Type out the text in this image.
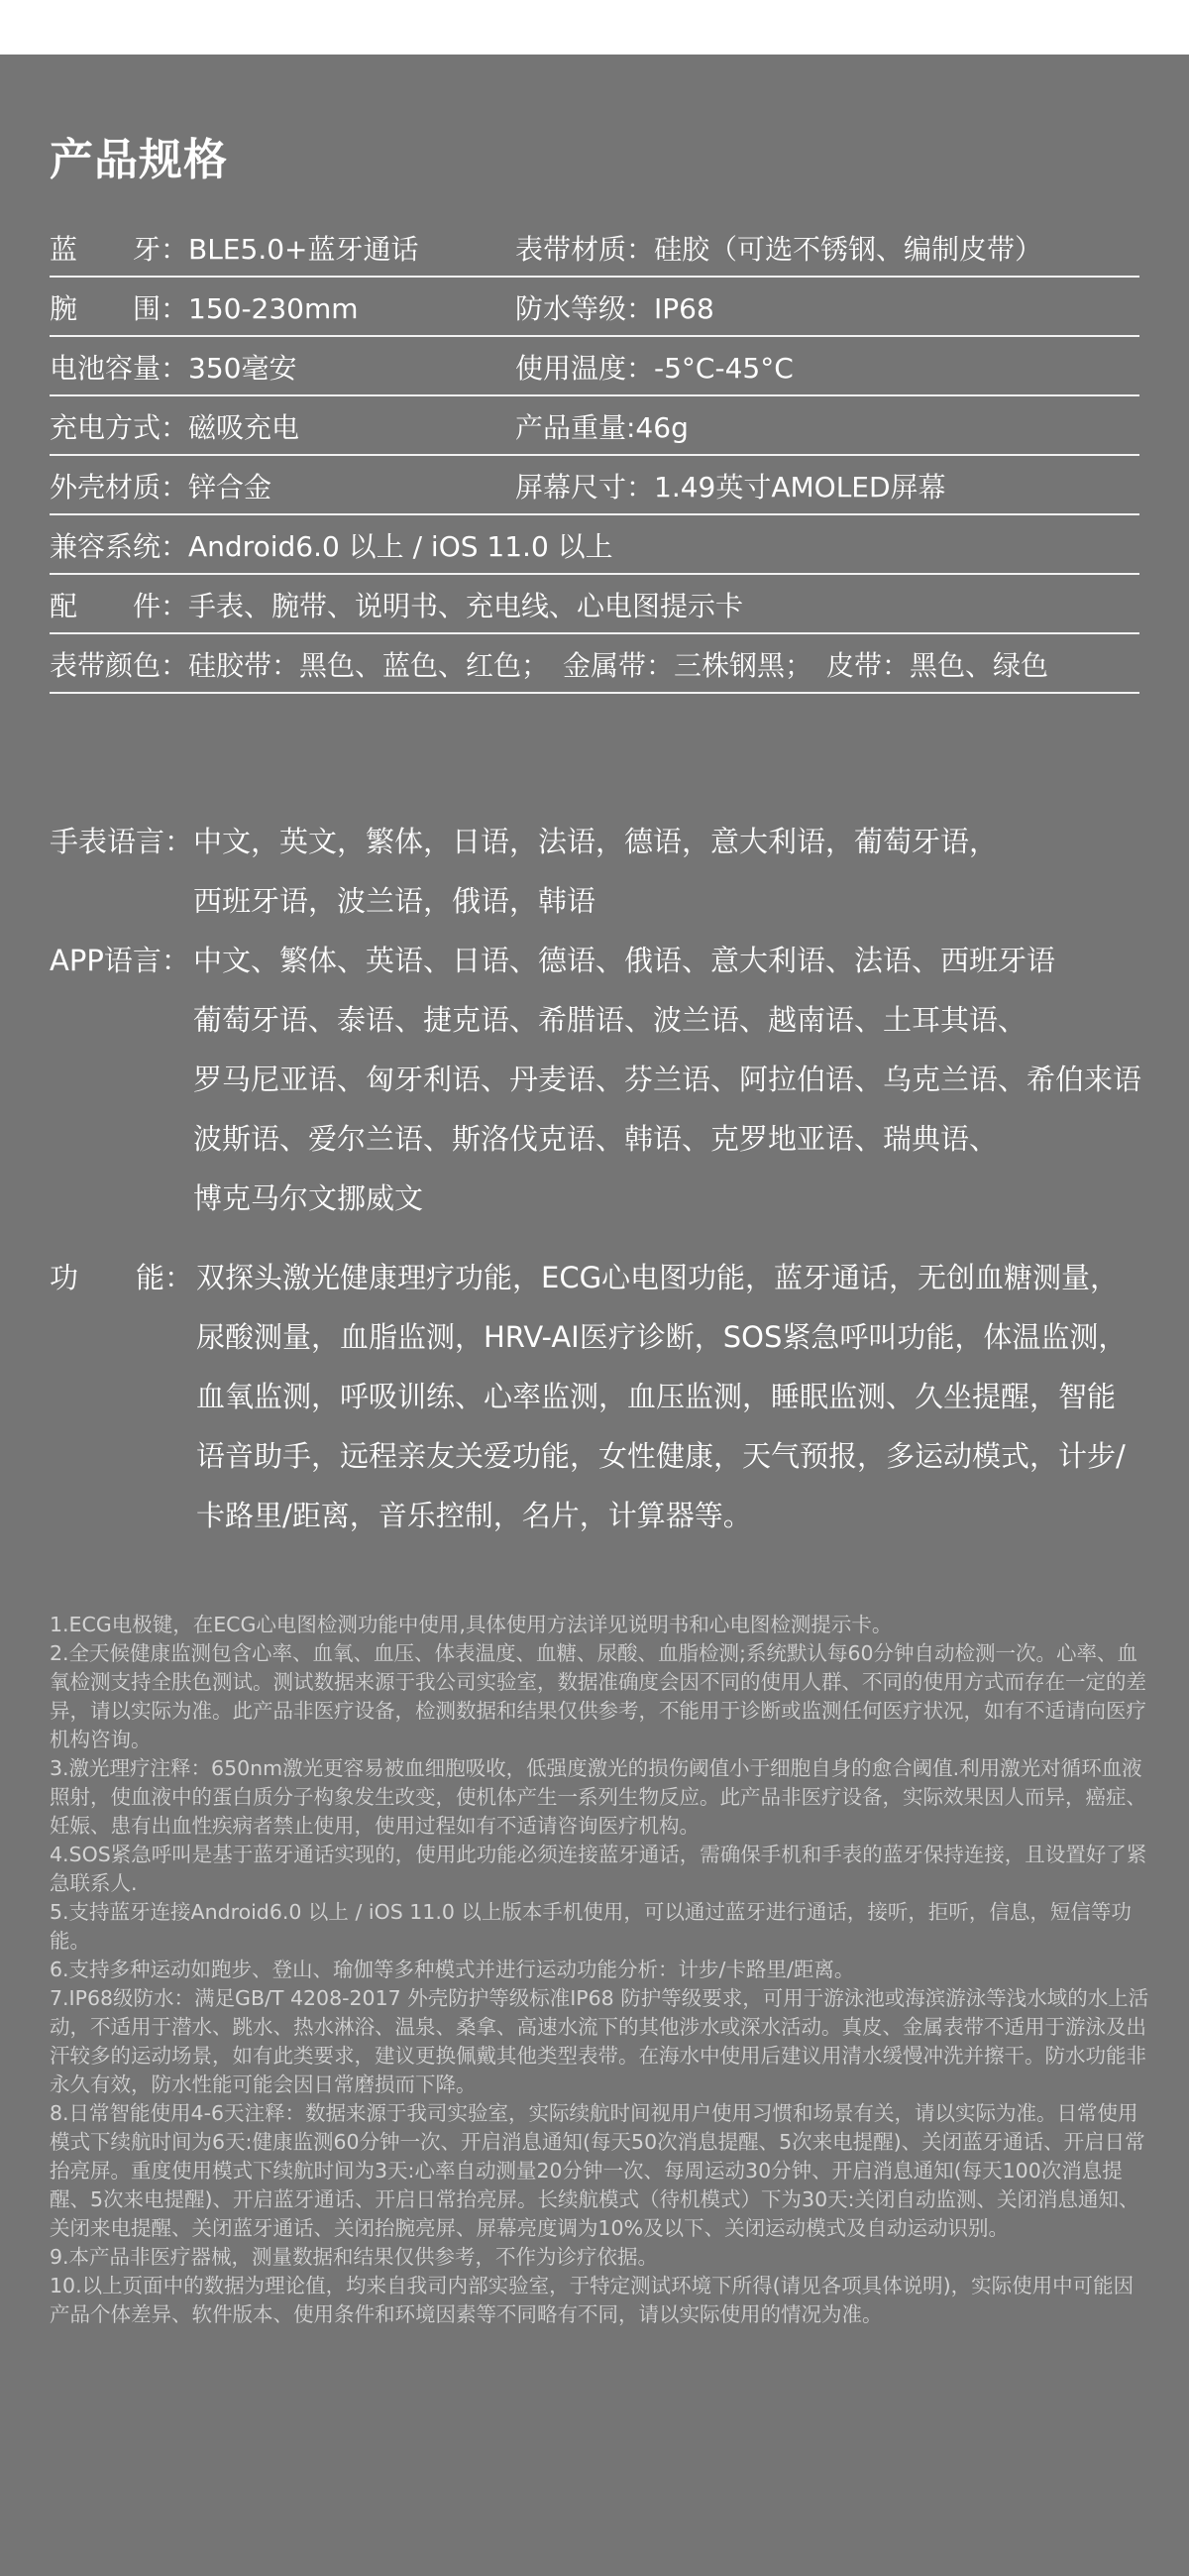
产品规格
蓝　　牙：BLE5.0+蓝牙通话	表带材质：硅胶（可选不锈钢、编制皮带）
腕　　围：150-230mm	防水等级：IP68
电池容量：350毫安	使用温度：-5°C-45°C
充电方式：磁吸充电	产品重量:46g
外壳材质：锌合金	屏幕尺寸：1.49英寸AMOLED屏幕
兼容系统：Android6.0 以上 / iOS 11.0 以上
配　　件：手表、腕带、说明书、充电线、心电图提示卡
表带颜色：硅胶带：黑色、蓝色、红色；　金属带：三株钢黑；　皮带：黑色、绿色
手表语言： 中文，英文，繁体，日语，法语，德语，意大利语，葡萄牙语，
西班牙语，波兰语，俄语，韩语
APP语言： 中文、繁体、英语、日语、德语、俄语、意大利语、法语、西班牙语
葡萄牙语、泰语、捷克语、希腊语、波兰语、越南语、土耳其语、
罗马尼亚语、匈牙利语、丹麦语、芬兰语、阿拉伯语、乌克兰语、希伯来语
波斯语、爱尔兰语、斯洛伐克语、韩语、克罗地亚语、瑞典语、
博克马尔文挪威文
功　　能： 双探头激光健康理疗功能，ECG心电图功能，蓝牙通话，无创血糖测量，
尿酸测量，血脂监测，HRV-AI医疗诊断，SOS紧急呼叫功能，体温监测，
血氧监测，呼吸训练、心率监测，血压监测，睡眠监测、久坐提醒，智能
语音助手，远程亲友关爱功能，女性健康，天气预报，多运动模式，计步/
卡路里/距离，音乐控制，名片，计算器等。

1.ECG电极键，在ECG心电图检测功能中使用,具体使用方法详见说明书和心电图检测提示卡。

2.全天候健康监测包含心率、血氧、血压、体表温度、血糖、尿酸、血脂检测;系统默认每60分钟自动检测一次。心率、血氧检测支持全肤色测试。测试数据来源于我公司实验室，数据准确度会因不同的使用人群、不同的使用方式而存在一定的差异，请以实际为准。此产品非医疗设备，检测数据和结果仅供参考，不能用于诊断或监测任何医疗状况，如有不适请向医疗机构咨询。

3.激光理疗注释：650nm激光更容易被血细胞吸收，低强度激光的损伤阈值小于细胞自身的愈合阈值.利用激光对循环血液照射，使血液中的蛋白质分子构象发生改变，使机体产生一系列生物反应。此产品非医疗设备，实际效果因人而异，癌症、妊娠、患有出血性疾病者禁止使用，使用过程如有不适请咨询医疗机构。

4.SOS紧急呼叫是基于蓝牙通话实现的，使用此功能必须连接蓝牙通话，需确保手机和手表的蓝牙保持连接，且设置好了紧急联系人.

5.支持蓝牙连接Android6.0 以上 / iOS 11.0 以上版本手机使用，可以通过蓝牙进行通话，接听，拒听，信息，短信等功能。

6.支持多种运动如跑步、登山、瑜伽等多种模式并进行运动功能分析：计步/卡路里/距离。

7.IP68级防水：满足GB/T 4208-2017 外壳防护等级标准IP68 防护等级要求，可用于游泳池或海滨游泳等浅水域的水上活动，不适用于潜水、跳水、热水淋浴、温泉、桑拿、高速水流下的其他涉水或深水活动。真皮、金属表带不适用于游泳及出汗较多的运动场景，如有此类要求，建议更换佩戴其他类型表带。在海水中使用后建议用清水缓慢冲洗并擦干。防水功能非永久有效，防水性能可能会因日常磨损而下降。

8.日常智能使用4-6天注释：数据来源于我司实验室，实际续航时间视用户使用习惯和场景有关，请以实际为准。日常使用模式下续航时间为6天:健康监测60分钟一次、开启消息通知(每天50次消息提醒、5次来电提醒)、关闭蓝牙通话、开启日常抬亮屏。重度使用模式下续航时间为3天:心率自动测量20分钟一次、每周运动30分钟、开启消息通知(每天100次消息提醒、5次来电提醒)、开启蓝牙通话、开启日常抬亮屏。长续航模式（待机模式）下为30天:关闭自动监测、关闭消息通知、关闭来电提醒、关闭蓝牙通话、关闭抬腕亮屏、屏幕亮度调为10%及以下、关闭运动模式及自动运动识别。

9.本产品非医疗器械，测量数据和结果仅供参考，不作为诊疗依据。

10.以上页面中的数据为理论值，均来自我司内部实验室，于特定测试环境下所得(请见各项具体说明)，实际使用中可能因产品个体差异、软件版本、使用条件和环境因素等不同略有不同，请以实际使用的情况为准。
